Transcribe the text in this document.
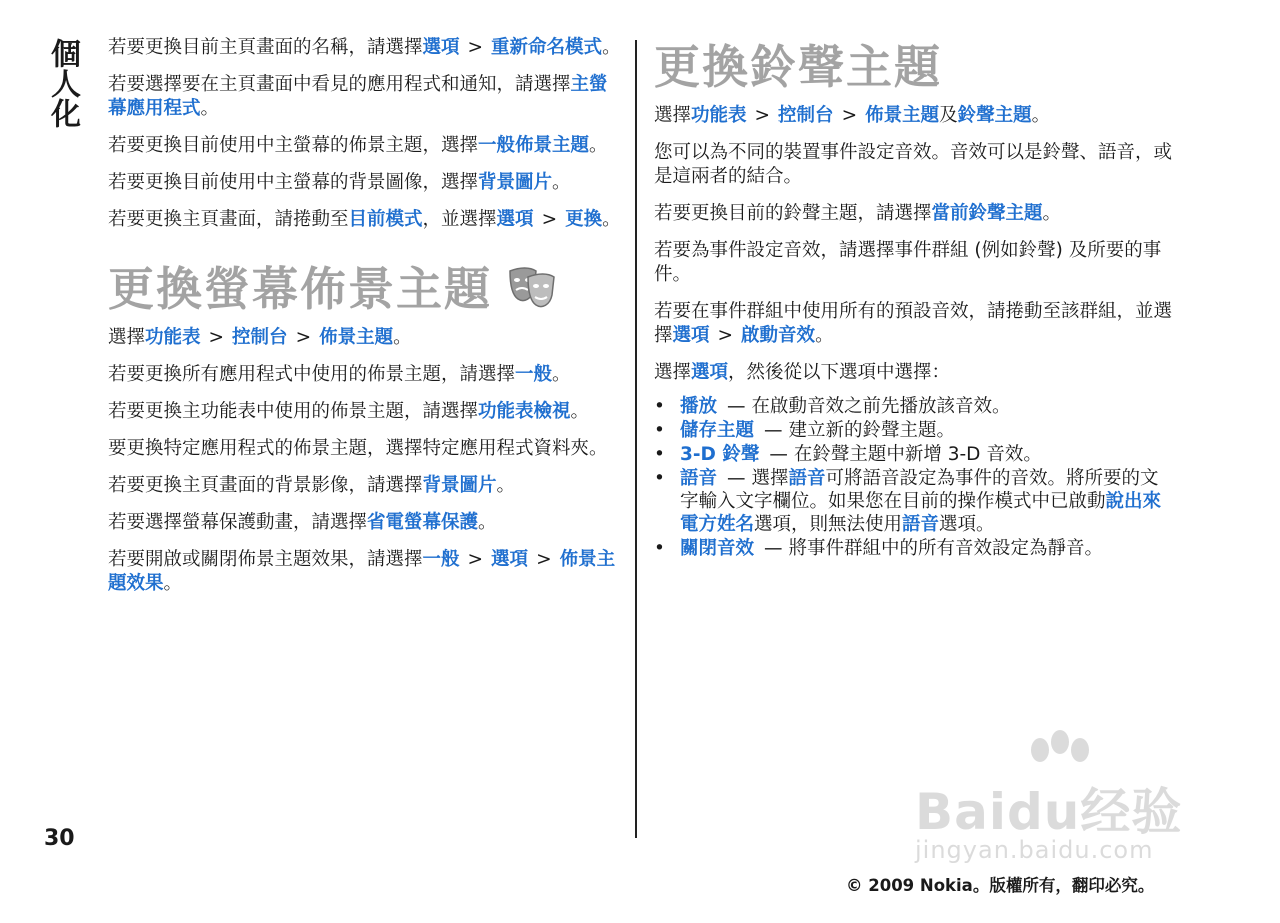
個人化 若要更換目前主頁畫面的名稱，請選擇選項 > 重新命名模式。

若要選擇要在主頁畫面中看見的應用程式和通知，請選擇主螢幕應用程式。

若要更換目前使用中主螢幕的佈景主題，選擇一般佈景主題。

若要更換目前使用中主螢幕的背景圖像，選擇背景圖片。

若要更換主頁畫面，請捲動至目前模式，並選擇選項 > 更換。

更換螢幕佈景主題

選擇功能表 > 控制台 > 佈景主題。

若要更換所有應用程式中使用的佈景主題，請選擇一般。

若要更換主功能表中使用的佈景主題，請選擇功能表檢視。

要更換特定應用程式的佈景主題，選擇特定應用程式資料夾。

若要更換主頁畫面的背景影像，請選擇背景圖片。

若要選擇螢幕保護動畫，請選擇省電螢幕保護。

若要開啟或關閉佈景主題效果，請選擇一般 > 選項 > 佈景主題效果。

更換鈴聲主題

選擇功能表 > 控制台 > 佈景主題及鈴聲主題。

您可以為不同的裝置事件設定音效。音效可以是鈴聲、語音，或是這兩者的結合。

若要更換目前的鈴聲主題，請選擇當前鈴聲主題。

若要為事件設定音效，請選擇事件群組 (例如鈴聲) 及所要的事件。

若要在事件群組中使用所有的預設音效，請捲動至該群組，並選擇選項 > 啟動音效。

選擇選項，然後從以下選項中選擇：

• 播放 — 在啟動音效之前先播放該音效。
• 儲存主題 — 建立新的鈴聲主題。
• 3-D 鈴聲 — 在鈴聲主題中新增 3-D 音效。
• 語音 — 選擇語音可將語音設定為事件的音效。將所要的文字輸入文字欄位。如果您在目前的操作模式中已啟動說出來電方姓名選項，則無法使用語音選項。
• 關閉音效 — 將事件群組中的所有音效設定為靜音。
Baidu经验
jingyan.baidu.com
30
© 2009 Nokia。版權所有，翻印必究。
